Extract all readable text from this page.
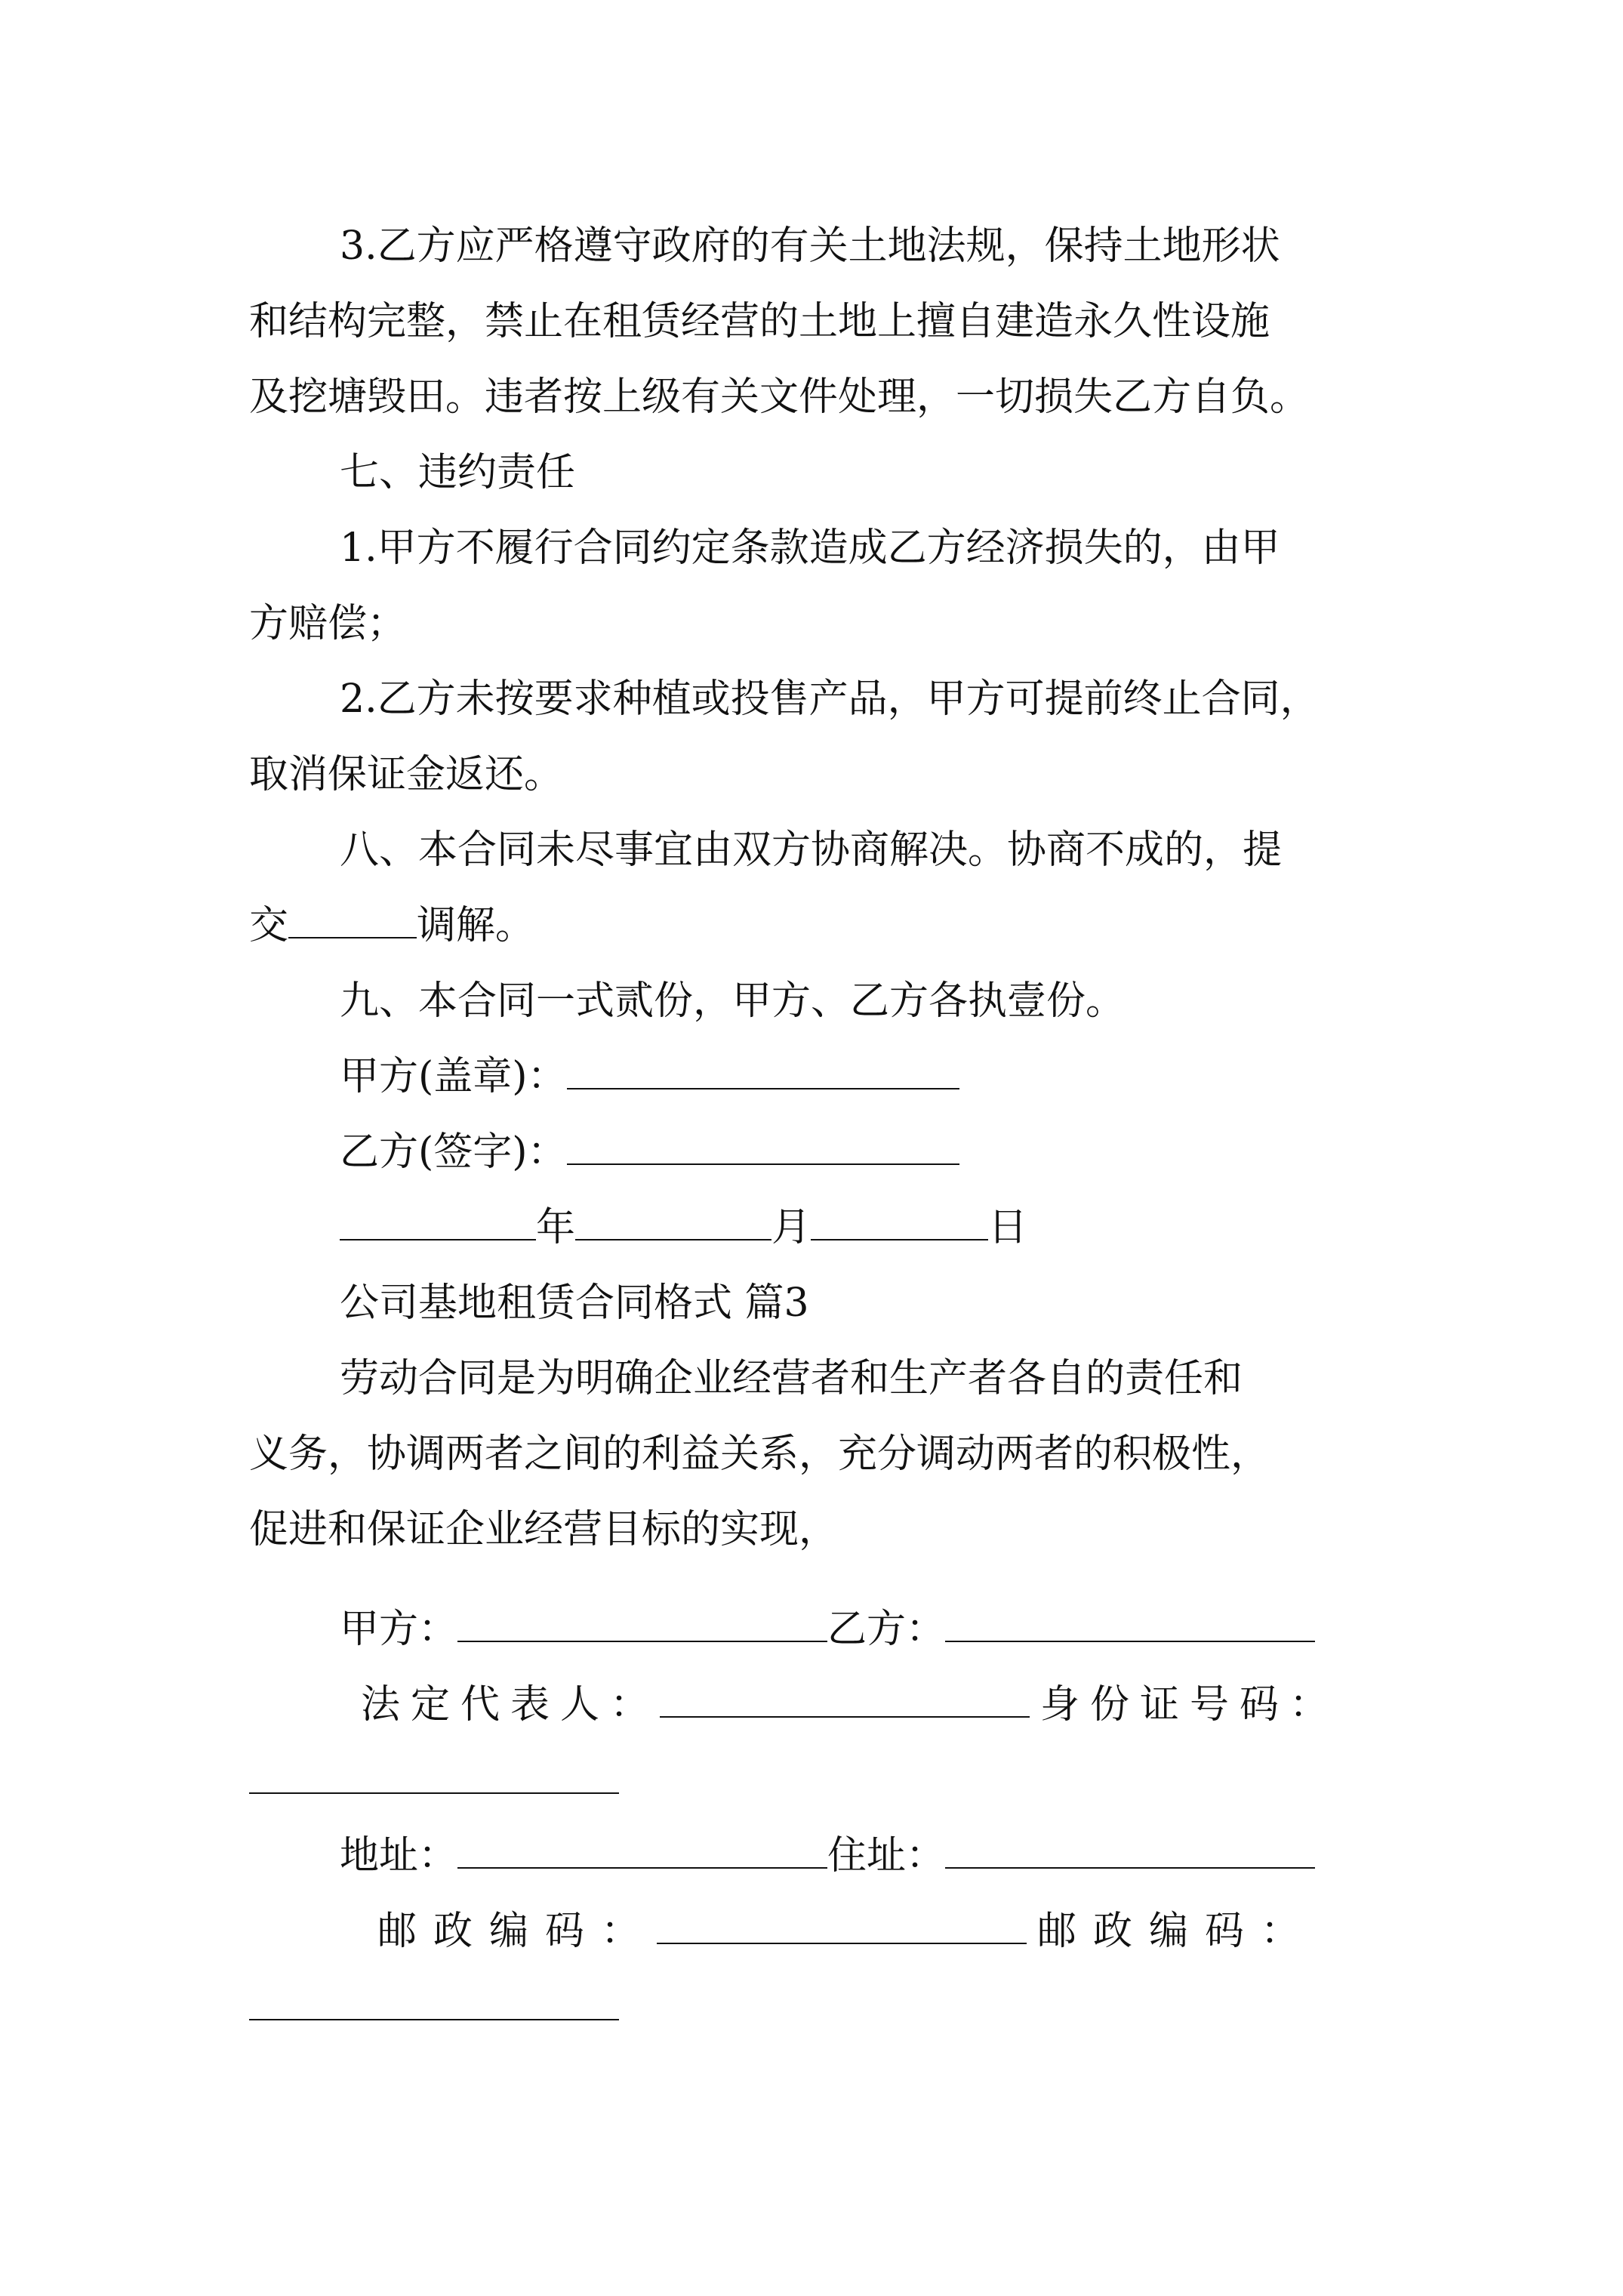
3.乙方应严格遵守政府的有关土地法规，保持土地形状
和结构完整，禁止在租赁经营的土地上擅自建造永久性设施
及挖塘毁田。违者按上级有关文件处理，一切损失乙方自负。
七、违约责任
1.甲方不履行合同约定条款造成乙方经济损失的，由甲
方赔偿；
2.乙方未按要求种植或投售产品，甲方可提前终止合同，
取消保证金返还。
八、本合同未尽事宜由双方协商解决。协商不成的，提
交	调解。
九、本合同一式贰份，甲方、乙方各执壹份。
甲方(盖章)：
乙方(签字)：
年	月	日
公司基地租赁合同格式 篇3
劳动合同是为明确企业经营者和生产者各自的责任和
义务，协调两者之间的利益关系，充分调动两者的积极性，
促进和保证企业经营目标的实现，
甲方：	乙方：
法定代表人：	身份证号码：
地址：	住址：
邮政编码：	邮政编码：
